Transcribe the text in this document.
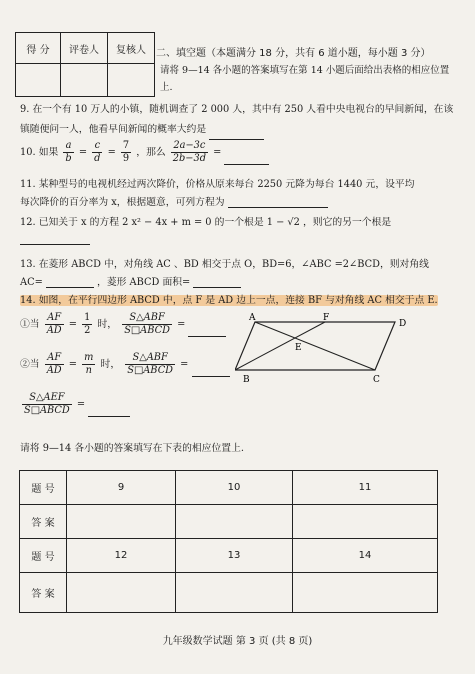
得 分	评卷人	复核人
		二、填空题（本题满分 18 分，共有 6 道小题，每小题 3 分）
请将 9—14 各小题的答案填写在第 14 小题后面给出表格的相应位置上.
9. 在一个有 10 万人的小镇，随机调查了 2 000 人，其中有 250 人看中央电视台的早间新闻，在该镇随便问一人，他看早间新闻的概率大约是
10. 如果 $\frac{a}{b} = \frac{c}{d} = \frac{7}{9}$ ，那么 $\frac{2a-3c}{2b-3d}$ =
11. 某种型号的电视机经过两次降价，价格从原来每台 2250 元降为每台 1440 元，设平均
每次降价的百分率为 x，根据题意，可列方程为
12. 已知关于 x 的方程 2 x² − 4x + m = 0 的一个根是 1 − √2 ，则它的另一个根是
13. 在菱形 ABCD 中，对角线 AC 、BD 相交于点 O，BD=6，∠ABC =2∠BCD，则对角线
AC=	，菱形 ABCD 面积=
14. 如图，在平行四边形 ABCD 中，点 F 是 AD 边上一点，连接 BF 与对角线 AC 相交于点 E.
①当 $\frac{AF}{AD} = \frac{1}{2}$ 时， $\frac{\text{S△ABF}}{\text{S□ABCD}}$ =
②当 $\frac{AF}{AD} = \frac{m}{n}$ 时， $\frac{\text{S△ABF}}{\text{S□ABCD}}$ =
$\frac{\text{S△AEF}}{\text{S□ABCD}}$ =
A	F
D
E
B	C
请将 9—14 各小题的答案填写在下表的相应位置上.
题 号	9	10	11
答 案			
题 号	12	13	14
答 案			
九年级数学试题 第 3 页 (共 8 页)
